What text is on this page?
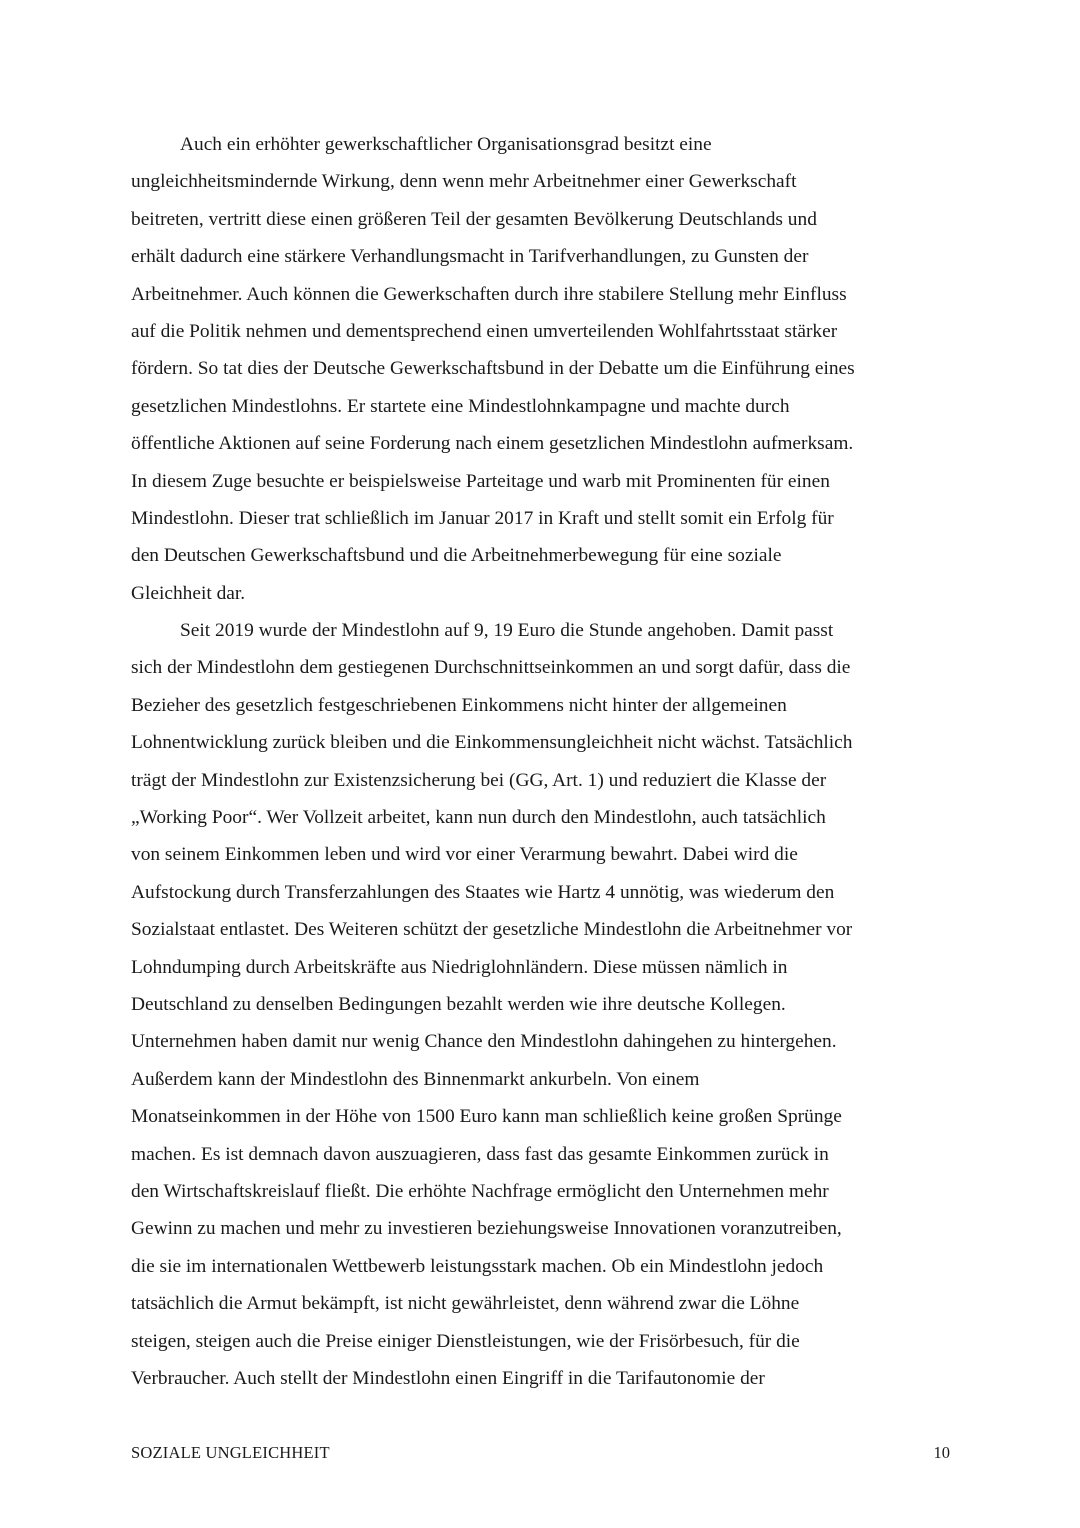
Auch ein erhöhter gewerkschaftlicher Organisationsgrad besitzt eine
ungleichheitsmindernde Wirkung, denn wenn mehr Arbeitnehmer einer Gewerkschaft
beitreten, vertritt diese einen größeren Teil der gesamten Bevölkerung Deutschlands und
erhält dadurch eine stärkere Verhandlungsmacht in Tarifverhandlungen, zu Gunsten der
Arbeitnehmer. Auch können die Gewerkschaften durch ihre stabilere Stellung mehr Einfluss
auf die Politik nehmen und dementsprechend einen umverteilenden Wohlfahrtsstaat stärker
fördern. So tat dies der Deutsche Gewerkschaftsbund in der Debatte um die Einführung eines
gesetzlichen Mindestlohns. Er startete eine Mindestlohnkampagne und machte durch
öffentliche Aktionen auf seine Forderung nach einem gesetzlichen Mindestlohn aufmerksam.
In diesem Zuge besuchte er beispielsweise Parteitage und warb mit Prominenten für einen
Mindestlohn. Dieser trat schließlich im Januar 2017 in Kraft und stellt somit ein Erfolg für
den Deutschen Gewerkschaftsbund und die Arbeitnehmerbewegung für eine soziale
Gleichheit dar.
Seit 2019 wurde der Mindestlohn auf 9, 19 Euro die Stunde angehoben. Damit passt
sich der Mindestlohn dem gestiegenen Durchschnittseinkommen an und sorgt dafür, dass die
Bezieher des gesetzlich festgeschriebenen Einkommens nicht hinter der allgemeinen
Lohnentwicklung zurück bleiben und die Einkommensungleichheit nicht wächst. Tatsächlich
trägt der Mindestlohn zur Existenzsicherung bei (GG, Art. 1) und reduziert die Klasse der
„Working Poor“. Wer Vollzeit arbeitet, kann nun durch den Mindestlohn, auch tatsächlich
von seinem Einkommen leben und wird vor einer Verarmung bewahrt. Dabei wird die
Aufstockung durch Transferzahlungen des Staates wie Hartz 4 unnötig, was wiederum den
Sozialstaat entlastet. Des Weiteren schützt der gesetzliche Mindestlohn die Arbeitnehmer vor
Lohndumping durch Arbeitskräfte aus Niedriglohnländern. Diese müssen nämlich in
Deutschland zu denselben Bedingungen bezahlt werden wie ihre deutsche Kollegen.
Unternehmen haben damit nur wenig Chance den Mindestlohn dahingehen zu hintergehen.
Außerdem kann der Mindestlohn des Binnenmarkt ankurbeln. Von einem
Monatseinkommen in der Höhe von 1500 Euro kann man schließlich keine großen Sprünge
machen. Es ist demnach davon auszuagieren, dass fast das gesamte Einkommen zurück in
den Wirtschaftskreislauf fließt. Die erhöhte Nachfrage ermöglicht den Unternehmen mehr
Gewinn zu machen und mehr zu investieren beziehungsweise Innovationen voranzutreiben,
die sie im internationalen Wettbewerb leistungsstark machen. Ob ein Mindestlohn jedoch
tatsächlich die Armut bekämpft, ist nicht gewährleistet, denn während zwar die Löhne
steigen, steigen auch die Preise einiger Dienstleistungen, wie der Frisörbesuch, für die
Verbraucher. Auch stellt der Mindestlohn einen Eingriff in die Tarifautonomie der
SOZIALE UNGLEICHHEIT	10
